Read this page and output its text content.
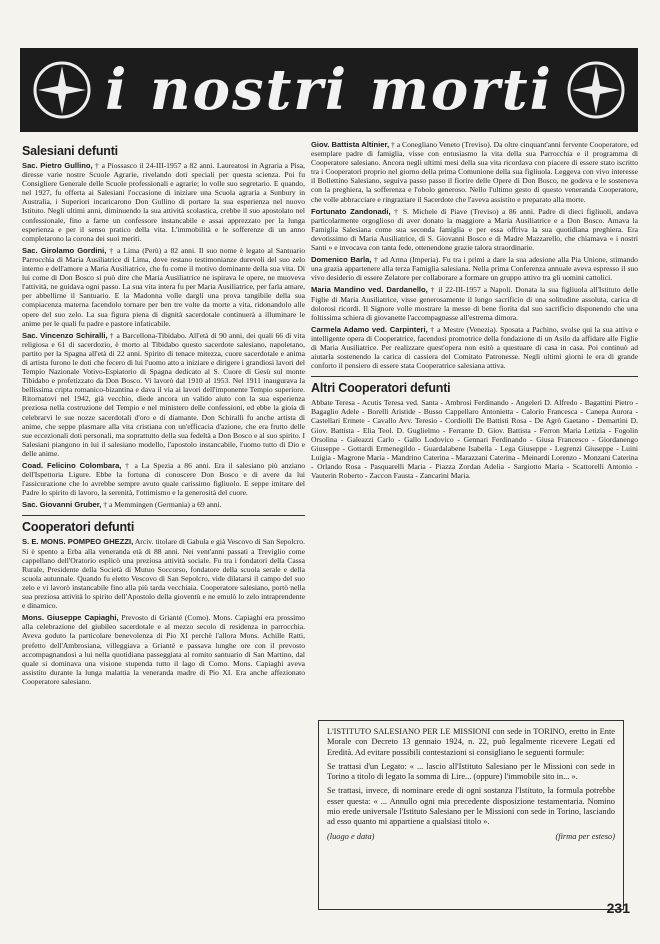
i nostri morti
Salesiani defunti

Sac. Pietro Gullino, † a Piossasco il 24-III-1957 a 82 anni. Laureatosi in Agraria a Pisa, diresse varie nostre Scuole Agrarie, rivelando doti speciali per questa scienza. Poi fu Consigliere Generale delle Scuole professionali e agrarie; lo volle suo segretario. E quando, nel 1927, fu offerta ai Salesiani l'occasione di iniziare una Scuola agraria a Sunbury in Australia, i Superiori incaricarono Don Gullino di portare la sua esperienza nel nuovo Istituto. Negli ultimi anni, diminuendo la sua attività scolastica, crebbe il suo apostolato nel confessionale, fino a farne un confessore instancabile e assai apprezzato per la lunga esperienza e per il senso pratico della vita. L'immobilità e le sofferenze di un anno completarono la corona dei suoi meriti.

Sac. Girolamo Gordini, † a Lima (Perù) a 82 anni. Il suo nome è legato al Santuario Parrocchia di Maria Ausiliatrice di Lima, dove restano testimonianze durevoli del suo zelo interno e dell'amore a Maria Ausiliatrice, che fu come il motivo dominante della sua vita. Di lui come di Don Bosco si può dire che Maria Ausiliatrice ne ispirava le opere, ne muoveva l'attività, ne guidava ogni passo. La sua vita intera fu per Maria Ausiliatrice, per farla amare, per abbellirne il Santuario. E la Madonna volle dargli una prova tangibile della sua compiacenza materna facendolo tornare per ben tre volte da morte a vita, ridonandolo alle opere del suo zelo. La sua figura piena di dignità sacerdotale continuerà a illuminare le anime per le quali fu padre e pastore infaticabile.

Sac. Vincenzo Schiralli, † a Barcellona-Tibidabo. All'età di 90 anni, dei quali 66 di vita religiosa e 61 di sacerdozio, è morto al Tibidabo questo sacerdote salesiano, napoletano, partito per la Spagna all'età di 22 anni. Spirito di tenace mitezza, cuore sacerdotale e anima di artista furono le doti che fecero di lui l'uomo atto a iniziare e dirigere i grandiosi lavori del Tempio Nazionale Votivo-Espiatorio di Spagna dedicato al S. Cuore di Gesù sul monte Tibidabo e profetizzato da Don Bosco. Vi lavorò dal 1910 al 1953. Nel 1911 inaugurava la bellissima cripta romanico-bizantina e dava il via ai lavori dell'imponente Tempio superiore. Ritornatovi nel 1942, già vecchio, diede ancora un valido aiuto con la sua esperienza preziosa nella costruzione del Tempio e nel ministero delle confessioni, ed ebbe la gioia di celebrarvi le sue nozze sacerdotali d'oro e di diamante. Don Schiralli fu anche artista di anime, che seppe plasmare alla vita cristiana con un'efficacia d'azione, che era frutto delle sue eccezionali doti personali, ma soprattutto della sua fedeltà a Don Bosco e al suo spirito. I Salesiani piangono in lui il salesiano modello, l'apostolo instancabile, l'uomo tutto di Dio e delle anime.

Coad. Felicino Colombara, † a La Spezia a 86 anni. Era il salesiano più anziano dell'Ispettoria Ligure. Ebbe la fortuna di conoscere Don Bosco e di avere da lui l'assicurazione che lo avrebbe sempre avuto quale carissimo figliuolo. E seppe imitare del Padre lo spirito di lavoro, la serenità, l'ottimismo e la generosità del cuore.

Sac. Giovanni Gruber, † a Memmingen (Germania) a 69 anni.

Cooperatori defunti

S. E. MONS. POMPEO GHEZZI, Arciv. titolare di Gabula e già Vescovo di San Sepolcro. Si è spento a Erba alla veneranda età di 88 anni. Nei vent'anni passati a Treviglio come cappellano dell'Oratorio esplicò una preziosa attività sociale. Fu tra i fondatori della Cassa Rurale, Presidente della Società di Mutuo Soccorso, fondatore della scuola serale e della scuola autunnale. Quando fu eletto Vescovo di San Sepolcro, vide dilatarsi il campo del suo zelo e vi lavorò instancabile fino alla più tarda vecchiaia. Cooperatore salesiano, portò nella sua preziosa attività lo spirito dell'Apostolo della gioventù e ne emulò lo zelo intraprendente e dinamico.

Mons. Giuseppe Capiaghi, Prevosto di Grianté (Como). Mons. Capiaghi era prossimo alla celebrazione del giubileo sacerdotale e al mezzo secolo di residenza in parrocchia. Aveva goduto la particolare benevolenza di Pio XI perchè l'allora Mons. Achille Ratti, prefetto dell'Ambrosiana, villeggiava a Grianté e passava lunghe ore con il prevosto accompagnandosi a lui nella quotidiana passeggiata al romito santuario di San Martino, dal quale si dominava una visione stupenda tutto il lago di Como. Mons. Capiaghi aveva assistito durante la lunga malattia la veneranda madre di Pio XI. Era anche affezionato Cooperatore salesiano.

Giov. Battista Altinier, † a Conegliano Veneto (Treviso). Da oltre cinquant'anni fervente Cooperatore, ed esemplare padre di famiglia, visse con entusiasmo la vita della sua Parrocchia e il programma di Cooperatore salesiano. Ancora negli ultimi mesi della sua vita ricordava con piacere di essere stato iscritto tra i Cooperatori proprio nel giorno della prima Comunione della sua figliuola. Leggeva con vivo interesse il Bollettino Salesiano, seguiva passo passo il fiorire delle Opere di Don Bosco, ne godeva e le sosteneva con la preghiera, la sofferenza e l'obolo generoso. Nello l'ultimo gesto di questo veneranda Cooperatore, che volle abbracciare e ringraziare il Sacerdote che l'aveva assistito e preparato alla morte.

Fortunato Zandonadi, † S. Michele di Piave (Treviso) a 86 anni. Padre di dieci figliuoli, andava particolarmente orgoglioso di aver donato la maggiore a Maria Ausiliatrice e a Don Bosco. Amava la Famiglia Salesiana come sua seconda famiglia e per essa offriva la sua quotidiana preghiera. Era devotissimo di Maria Ausiliatrice, di S. Giovanni Bosco e di Madre Mazzarello, che chiamava « i nostri Santi » e invocava con tanta fede, ottenendone grazie talora straordinarie.

Domenico Barla, † ad Arma (Imperia). Fu tra i primi a dare la sua adesione alla Pia Unione, stimando una grazia appartenere alla terza Famiglia salesiana. Nella prima Conferenza annuale aveva espresso il suo vivo desiderio di essere Zelatore per collaborare a formare un gruppo attivo tra gli uomini cattolici.

Maria Mandino ved. Dardanello, † il 22-III-1957 a Napoli. Donata la sua figliuola all'Istituto delle Figlie di Maria Ausiliatrice, visse generosamente il lungo sacrificio di una solitudine assoluta, carica di dolorosi ricordi. Il Signore volle mostrare la messe di bene fiorita dal suo sacrificio disponendo che una foltissima schiera di giovanette l'accompagnasse all'estrema dimora.

Carmela Adamo ved. Carpinteri, † a Mestre (Venezia). Sposata a Pachino, svolse qui la sua attiva e intelligente opera di Cooperatrice, facendosi promotrice della fondazione di un Asilo da affidare alle Figlie di Maria Ausiliatrice. Per realizzare quest'opera non esitò a questuare di casa in casa. Poi continuò ad aiutarla sostenendo la carica di cassiera del Comitato Patronesse. Negli ultimi giorni le era di grande conforto il pensiero di essere stata Cooperatrice salesiana attiva.

Altri Cooperatori defunti

Abbate Teresa - Acutis Teresa ved. Santa - Ambrosi Ferdinando - Angeleri D. Alfredo - Bagattini Pietro - Bagaglio Adele - Borelli Aristide - Busso Cappellaro Antonietta - Calorio Francesca - Canepa Aurora - Castellari Ermete - Cavallo Avv. Teresio - Cordiolli De Battisti Rosa - De Agrò Gaetano - Demartini D. Giov. Battista - Elia Teol. D. Guglielmo - Ferrante D. Giov. Battista - Ferron Maria Letizia - Fogolin Orsolina - Galeazzi Carlo - Gallo Lodovico - Gennari Ferdinando - Giusa Francesco - Giordanengo Giuseppe - Gottardi Ermenegildo - Guardalabene Isabella - Lega Giuseppe - Legrenzi Giuseppe - Luini Luigia - Magrone Maria - Mandrino Caterina - Marazzani Caterina - Meinardi Lorenzo - Monzani Caterina - Orlando Rosa - Pasquarelli Maria - Piazza Zordan Adelia - Sargiotto Maria - Scattorelli Antonio - Vauterin Roberto - Zaccon Fausta - Zancarini Maria.

L'ISTITUTO SALESIANO PER LE MISSIONI con sede in TORINO, eretto in Ente Morale con Decreto 13 gennaio 1924, n. 22, può legalmente ricevere Legati ed Eredità. Ad evitare possibili contestazioni si consigliano le seguenti formule:

Se trattasi d'un Legato: « ... lascio all'Istituto Salesiano per le Missioni con sede in Torino a titolo di legato la somma di Lire... (oppure) l'immobile sito in... ».

Se trattasi, invece, di nominare erede di ogni sostanza l'Istituto, la formula potrebbe esser questa: « ... Annullo ogni mia precedente disposizione testamentaria. Nomino mio erede universale l'Istituto Salesiano per le Missioni con sede in Torino, lasciando ad esso quanto mi appartiene a qualsiasi titolo ».

(luogo e data)	(firma per esteso)

231
